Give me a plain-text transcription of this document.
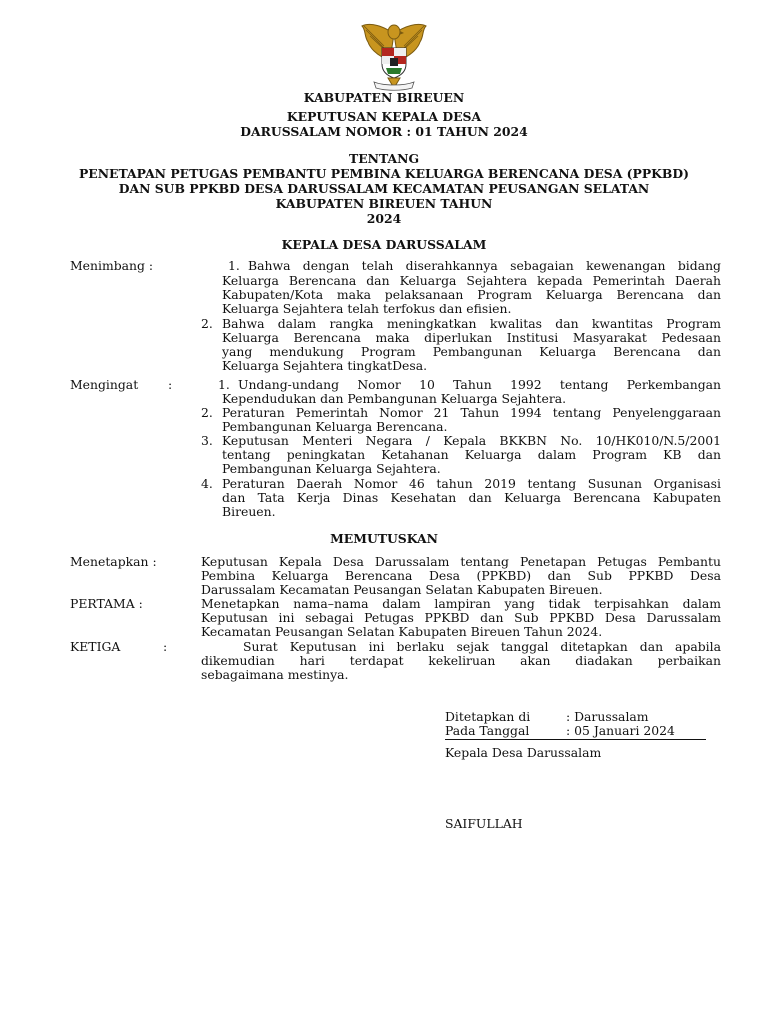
KABUPATEN BIREUEN
KEPUTUSAN KEPALA DESA
DARUSSALAM NOMOR : 01 TAHUN 2024
TENTANG
PENETAPAN PETUGAS PEMBANTU PEMBINA KELUARGA BERENCANA DESA (PPKBD)
DAN SUB PPKBD DESA DARUSSALAM KECAMATAN PEUSANGAN SELATAN
KABUPATEN BIREUEN TAHUN
2024
KEPALA DESA DARUSSALAM
Menimbang :	1. Bahwa dengan telah diserahkannya sebagaian kewenangan bidang
Keluarga Berencana dan Keluarga Sejahtera kepada Pemerintah Daerah
Kabupaten/Kota maka pelaksanaan Program Keluarga Berencana dan
Keluarga Sejahtera telah terfokus dan efisien.
2. Bahwa dalam rangka meningkatkan kwalitas dan kwantitas Program
Keluarga Berencana maka diperlukan Institusi Masyarakat Pedesaan
yang mendukung Program Pembangunan Keluarga Berencana dan
Keluarga Sejahtera tingkatDesa.
Mengingat :	1. Undang-undang Nomor 10 Tahun 1992 tentang Perkembangan
Kependudukan dan Pembangunan Keluarga Sejahtera.
2. Peraturan Pemerintah Nomor 21 Tahun 1994 tentang Penyelenggaraan
Pembangunan Keluarga Berencana.
3. Keputusan Menteri Negara / Kepala BKKBN No. 10/HK010/N.5/2001
tentang peningkatan Ketahanan Keluarga dalam Program KB dan
Pembangunan Keluarga Sejahtera.
4. Peraturan Daerah Nomor 46 tahun 2019 tentang Susunan Organisasi
dan Tata Kerja Dinas Kesehatan dan Keluarga Berencana Kabupaten
Bireuen.
MEMUTUSKAN
Menetapkan :	Keputusan Kepala Desa Darussalam tentang Penetapan Petugas Pembantu
Pembina Keluarga Berencana Desa (PPKBD) dan Sub PPKBD Desa
Darussalam Kecamatan Peusangan Selatan Kabupaten Bireuen.
PERTAMA :	Menetapkan nama–nama dalam lampiran yang tidak terpisahkan dalam
Keputusan ini sebagai Petugas PPKBD dan Sub PPKBD Desa Darussalam
Kecamatan Peusangan Selatan Kabupaten Bireuen Tahun 2024.
KETIGA	:	Surat Keputusan ini berlaku sejak tanggal ditetapkan dan apabila
dikemudian hari terdapat kekeliruan akan diadakan perbaikan
sebagaimana mestinya.
Ditetapkan di	: Darussalam
Pada Tanggal	: 05 Januari 2024
Kepala Desa Darussalam
SAIFULLAH
